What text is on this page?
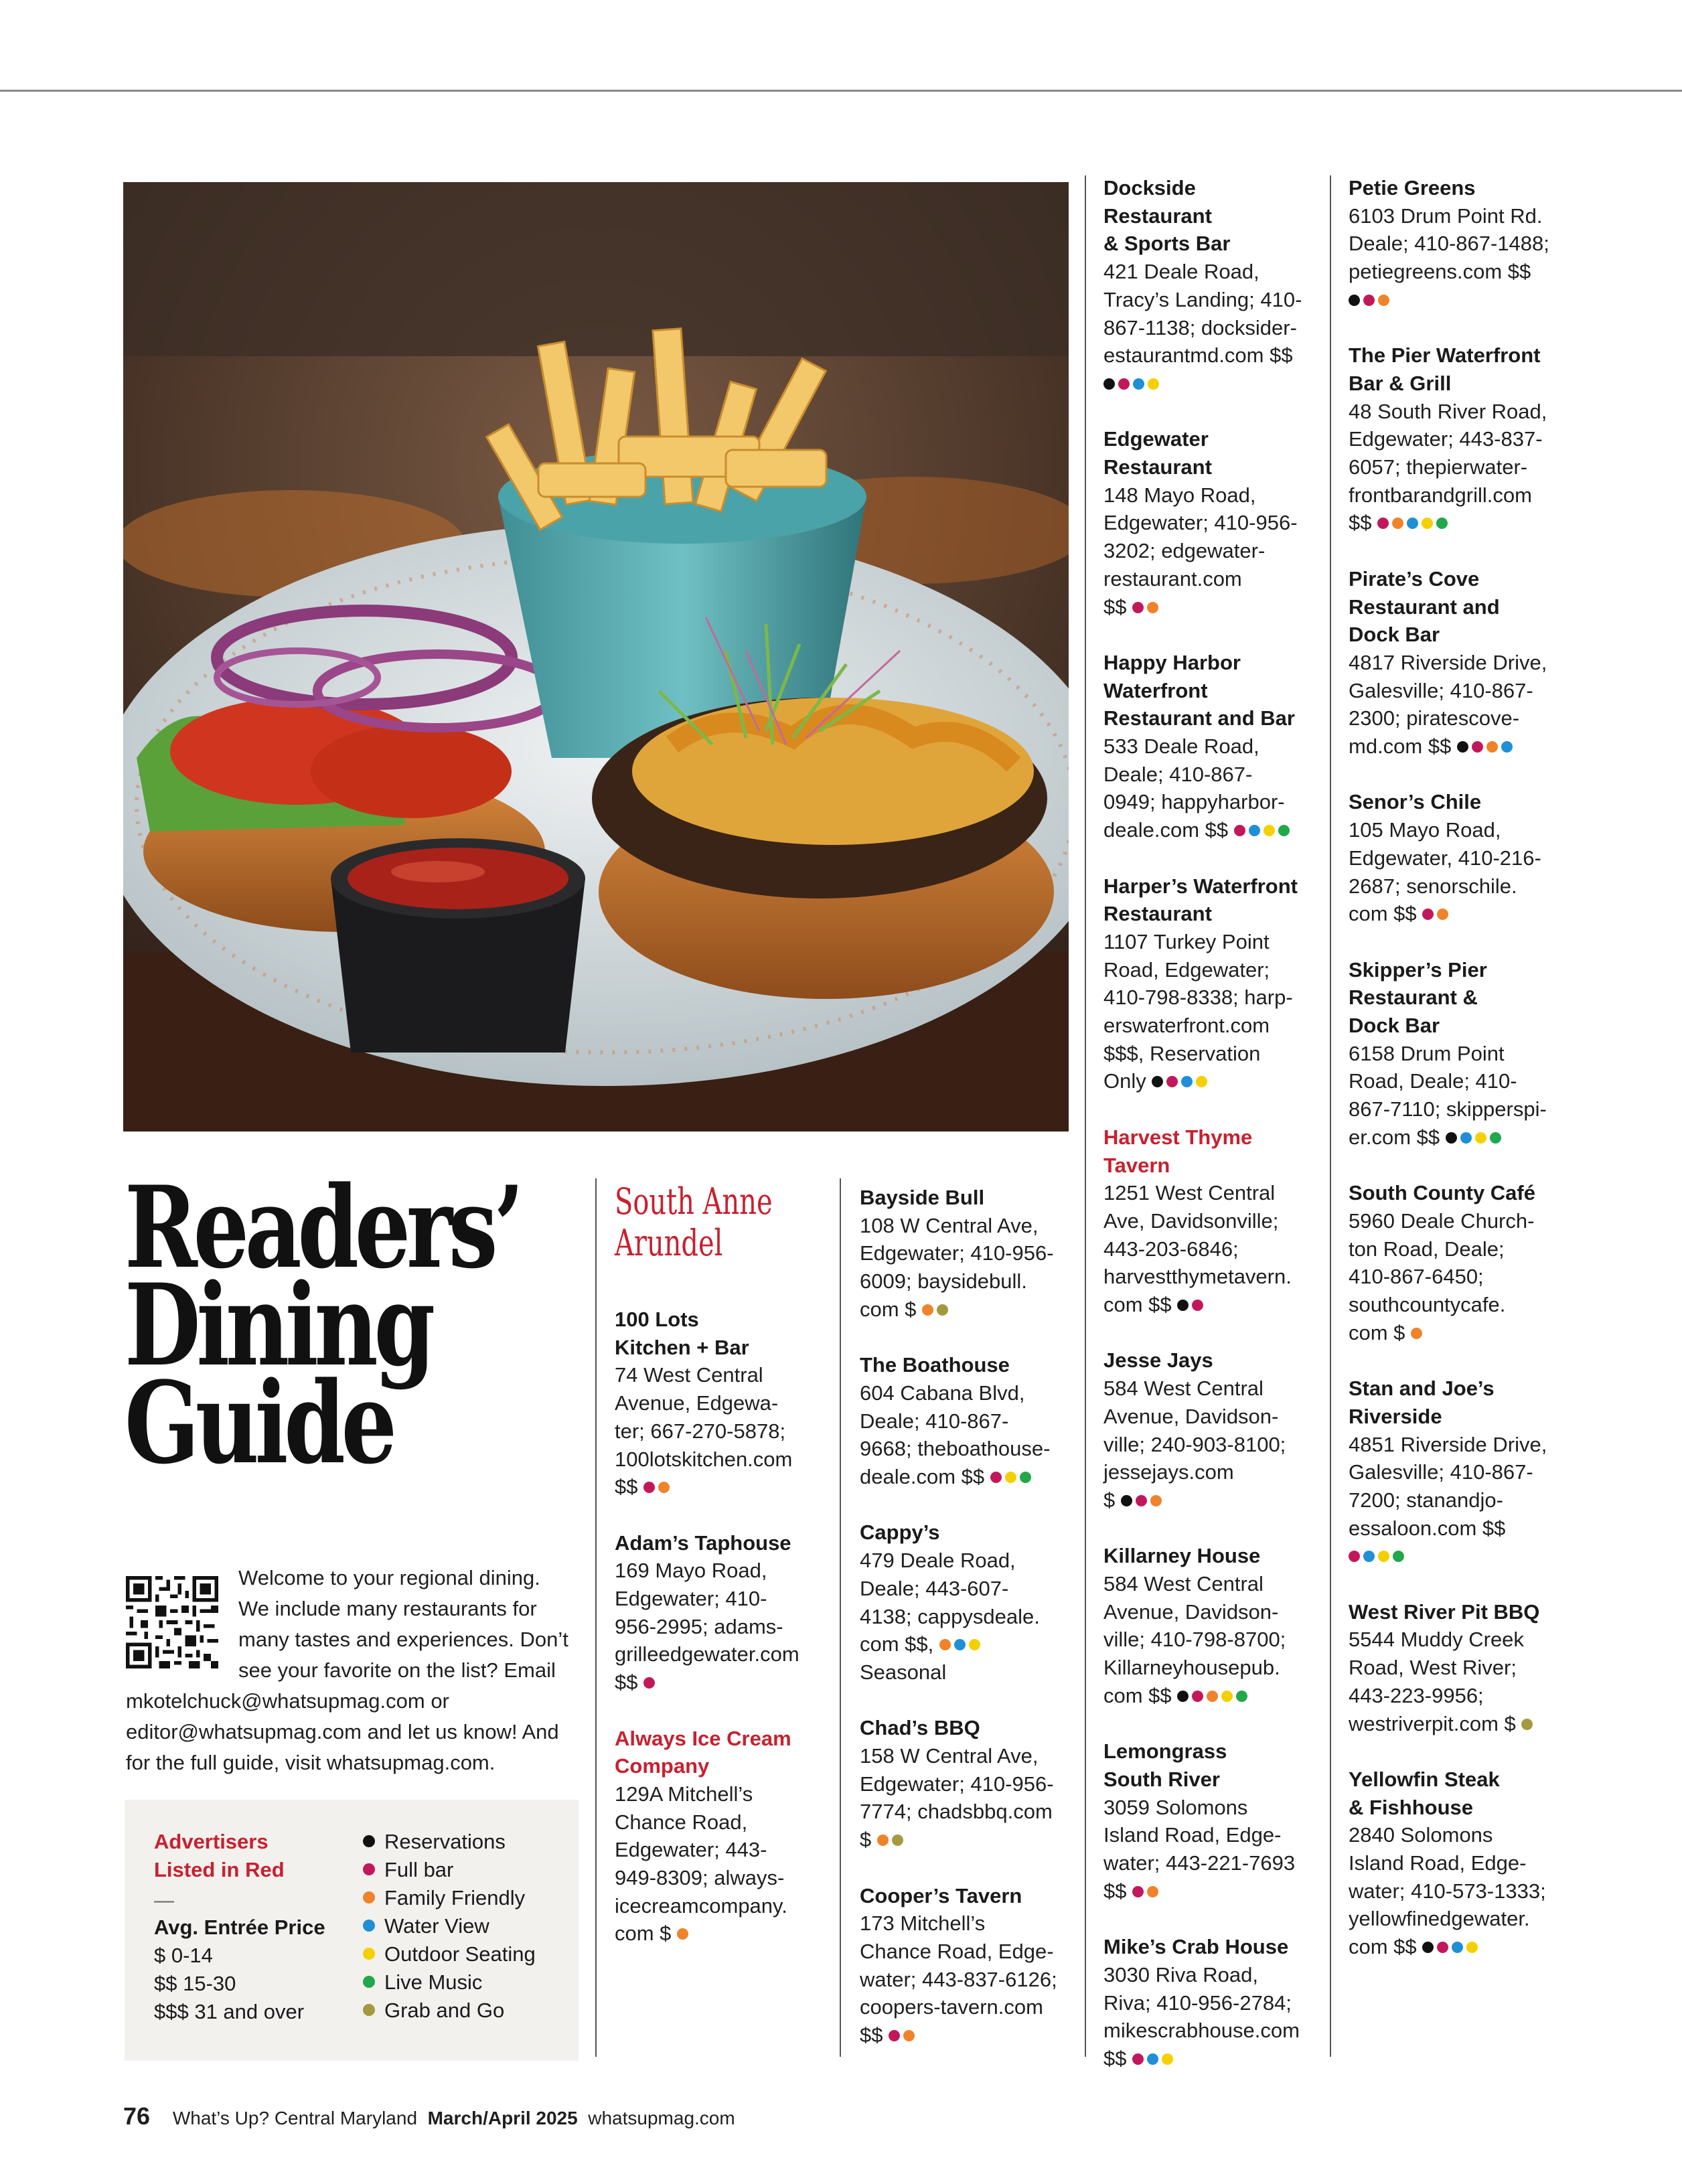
Readers’
Dining
Guide
Welcome to your regional dining. We include many restaurants for many tastes and experiences. Don’t see your favorite on the list? Email mkotelchuck@whatsupmag.com or editor@whatsupmag.com and let us know! And for the full guide, visit whatsupmag.com.
Advertisers
Listed in Red
—
Avg. Entrée Price
$ 0-14
$$ 15-30
$$$ 31 and over
Reservations
Full bar
Family Friendly
Water View
Outdoor Seating
Live Music
Grab and Go
South Anne
Arundel
100 Lots
Kitchen + Bar
74 West Central
Avenue, Edgewa-
ter; 667-270-5878;
100lotskitchen.com
$$
Adam’s Taphouse
169 Mayo Road,
Edgewater; 410-
956-2995; adams-
grilleedgewater.com
$$
Always Ice Cream
Company
129A Mitchell’s
Chance Road,
Edgewater; 443-
949-8309; always-
icecreamcompany.
com $
Bayside Bull
108 W Central Ave,
Edgewater; 410-956-
6009; baysidebull.
com $
The Boathouse
604 Cabana Blvd,
Deale; 410-867-
9668; theboathouse-
deale.com $$
Cappy’s
479 Deale Road,
Deale; 443-607-
4138; cappysdeale.
com $$,
Seasonal
Chad’s BBQ
158 W Central Ave,
Edgewater; 410-956-
7774; chadsbbq.com
$
Cooper’s Tavern
173 Mitchell’s
Chance Road, Edge-
water; 443-837-6126;
coopers-tavern.com
$$
Dockside
Restaurant
& Sports Bar
421 Deale Road,
Tracy’s Landing; 410-
867-1138; docksider-
estaurantmd.com $$
Edgewater
Restaurant
148 Mayo Road,
Edgewater; 410-956-
3202; edgewater-
restaurant.com
$$
Happy Harbor
Waterfront
Restaurant and Bar
533 Deale Road,
Deale; 410-867-
0949; happyharbor-
deale.com $$
Harper’s Waterfront
Restaurant
1107 Turkey Point
Road, Edgewater;
410-798-8338; harp-
erswaterfront.com
$$$, Reservation
Only
Harvest Thyme
Tavern
1251 West Central
Ave, Davidsonville;
443-203-6846;
harvestthymetavern.
com $$
Jesse Jays
584 West Central
Avenue, Davidson-
ville; 240-903-8100;
jessejays.com
$
Killarney House
584 West Central
Avenue, Davidson-
ville; 410-798-8700;
Killarneyhousepub.
com $$
Lemongrass
South River
3059 Solomons
Island Road, Edge-
water; 443-221-7693
$$
Mike’s Crab House
3030 Riva Road,
Riva; 410-956-2784;
mikescrabhouse.com
$$
Petie Greens
6103 Drum Point Rd.
Deale; 410-867-1488;
petiegreens.com $$
The Pier Waterfront
Bar & Grill
48 South River Road,
Edgewater; 443-837-
6057; thepierwater-
frontbarandgrill.com
$$
Pirate’s Cove
Restaurant and
Dock Bar
4817 Riverside Drive,
Galesville; 410-867-
2300; piratescove-
md.com $$
Senor’s Chile
105 Mayo Road,
Edgewater, 410-216-
2687; senorschile.
com $$
Skipper’s Pier
Restaurant &
Dock Bar
6158 Drum Point
Road, Deale; 410-
867-7110; skippersp‍i-
er.com $$
South County Café
5960 Deale Church-
ton Road, Deale;
410-867-6450;
southcountycafe.
com $
Stan and Joe’s
Riverside
4851 Riverside Drive,
Galesville; 410-867-
7200; stanandjo-
essaloon.com $$
West River Pit BBQ
5544 Muddy Creek
Road, West River;
443-223-9956;
westriverpit.com $
Yellowfin Steak
& Fishhouse
2840 Solomons
Island Road, Edge-
water; 410-573-1333;
yellowfinedgewater.
com $$
76 What’s Up? Central Maryland March/April 2025 whatsupmag.com
